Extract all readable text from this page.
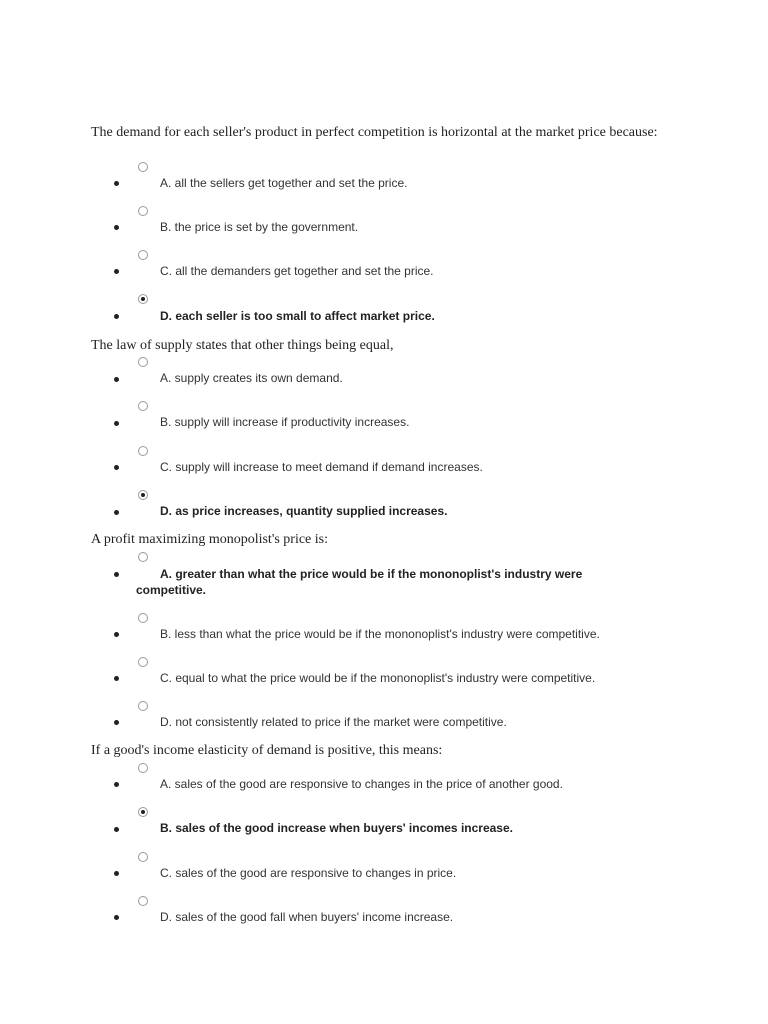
The demand for each seller's product in perfect competition is horizontal at the market price because:
A. all the sellers get together and set the price.
B. the price is set by the government.
C. all the demanders get together and set the price.
D. each seller is too small to affect market price.
The law of supply states that other things being equal,
A. supply creates its own demand.
B. supply will increase if productivity increases.
C. supply will increase to meet demand if demand increases.
D. as price increases, quantity supplied increases.
A profit maximizing monopolist's price is:
A. greater than what the price would be if the mononoplist's industry were competitive.
B. less than what the price would be if the mononoplist's industry were competitive.
C. equal to what the price would be if the mononoplist's industry were competitive.
D. not consistently related to price if the market were competitive.
If a good's income elasticity of demand is positive, this means:
A. sales of the good are responsive to changes in the price of another good.
B. sales of the good increase when buyers' incomes increase.
C. sales of the good are responsive to changes in price.
D. sales of the good fall when buyers' income increase.
